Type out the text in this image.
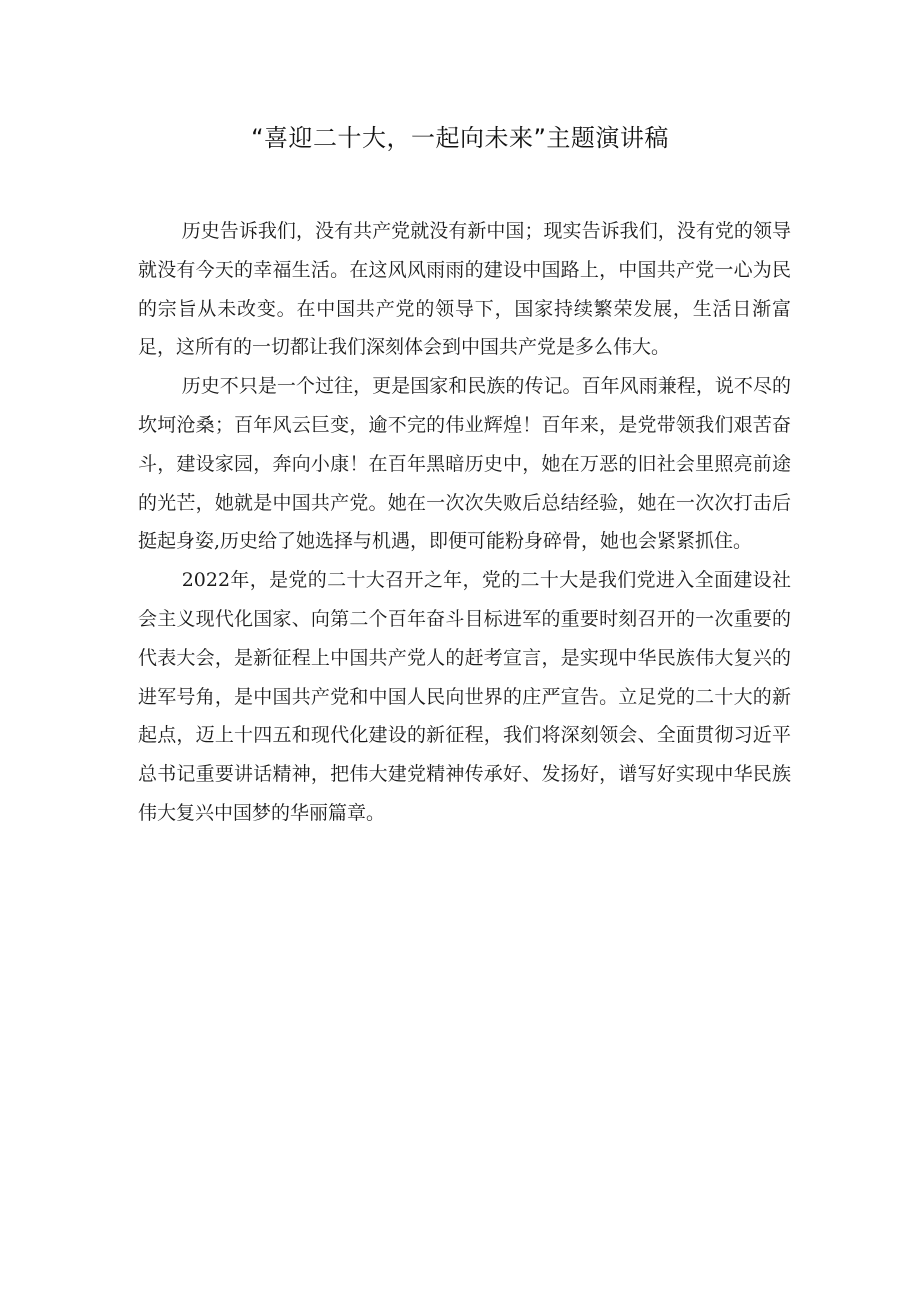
“喜迎二十大，一起向未来”主题演讲稿

历史告诉我们，没有共产党就没有新中国；现实告诉我们，没有党的领导就没有今天的幸福生活。在这风风雨雨的建设中国路上，中国共产党一心为民的宗旨从未改变。在中国共产党的领导下，国家持续繁荣发展，生活日渐富足，这所有的一切都让我们深刻体会到中国共产党是多么伟大。

历史不只是一个过往，更是国家和民族的传记。百年风雨兼程，说不尽的坎坷沧桑；百年风云巨变，逾不完的伟业辉煌！百年来，是党带领我们艰苦奋斗，建设家园，奔向小康！在百年黑暗历史中，她在万恶的旧社会里照亮前途的光芒，她就是中国共产党。她在一次次失败后总结经验，她在一次次打击后挺起身姿,历史给了她选择与机遇，即便可能粉身碎骨，她也会紧紧抓住。

2022年，是党的二十大召开之年，党的二十大是我们党进入全面建设社会主义现代化国家、向第二个百年奋斗目标进军的重要时刻召开的一次重要的代表大会，是新征程上中国共产党人的赶考宣言，是实现中华民族伟大复兴的进军号角，是中国共产党和中国人民向世界的庄严宣告。立足党的二十大的新起点，迈上十四五和现代化建设的新征程，我们将深刻领会、全面贯彻习近平总书记重要讲话精神，把伟大建党精神传承好、发扬好，谱写好实现中华民族伟大复兴中国梦的华丽篇章。
